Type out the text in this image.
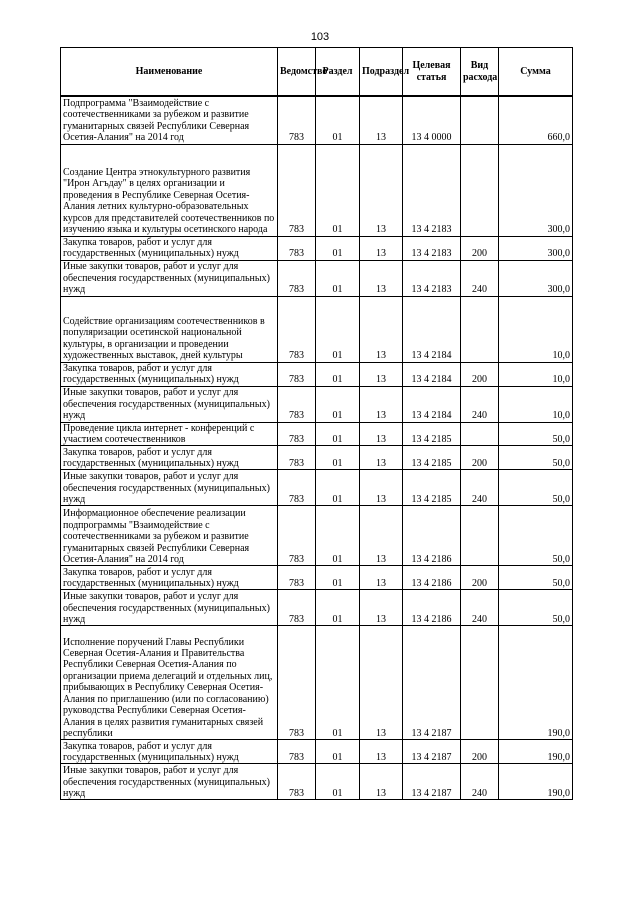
103
Наименование	Ведомство	Раздел	Подраздел	Целевая статья	Вид расхода	Сумма
Подпрограмма "Взаимодействие с соотечественниками за рубежом и развитие гуманитарных связей Республики Северная Осетия-Алания" на 2014 год	783	01	13	13 4 0000		660,0
Создание Центра этнокультурного развития "Ирон Агъдау" в целях организации и проведения в Республике Северная Осетия-Алания летних культурно-образовательных курсов для представителей соотечественников по изучению языка и культуры осетинского народа	783	01	13	13 4 2183		300,0
Закупка товаров, работ и услуг для государственных (муниципальных) нужд	783	01	13	13 4 2183	200	300,0
Иные закупки товаров, работ и услуг для обеспечения государственных (муниципальных) нужд	783	01	13	13 4 2183	240	300,0
Содействие организациям соотечественников в популяризации осетинской национальной культуры, в организации и проведении художественных выставок, дней культуры	783	01	13	13 4 2184		10,0
Закупка товаров, работ и услуг для государственных (муниципальных) нужд	783	01	13	13 4 2184	200	10,0
Иные закупки товаров, работ и услуг для обеспечения государственных (муниципальных) нужд	783	01	13	13 4 2184	240	10,0
Проведение цикла интернет - конференций с участием соотечественников	783	01	13	13 4 2185		50,0
Закупка товаров, работ и услуг для государственных (муниципальных) нужд	783	01	13	13 4 2185	200	50,0
Иные закупки товаров, работ и услуг для обеспечения государственных (муниципальных) нужд	783	01	13	13 4 2185	240	50,0
Информационное обеспечение реализации подпрограммы "Взаимодействие с соотечественниками за рубежом и развитие гуманитарных связей Республики Северная Осетия-Алания" на 2014 год	783	01	13	13 4 2186		50,0
Закупка товаров, работ и услуг для государственных (муниципальных) нужд	783	01	13	13 4 2186	200	50,0
Иные закупки товаров, работ и услуг для обеспечения государственных (муниципальных) нужд	783	01	13	13 4 2186	240	50,0
Исполнение поручений Главы Республики Северная Осетия-Алания и Правительства Республики Северная Осетия-Алания по организации приема делегаций и отдельных лиц, прибывающих в Республику Северная Осетия-Алания по приглашению (или по согласованию) руководства Республики Северная Осетия-Алания в целях развития гуманитарных связей республики	783	01	13	13 4 2187		190,0
Закупка товаров, работ и услуг для государственных (муниципальных) нужд	783	01	13	13 4 2187	200	190,0
Иные закупки товаров, работ и услуг для обеспечения государственных (муниципальных) нужд	783	01	13	13 4 2187	240	190,0
